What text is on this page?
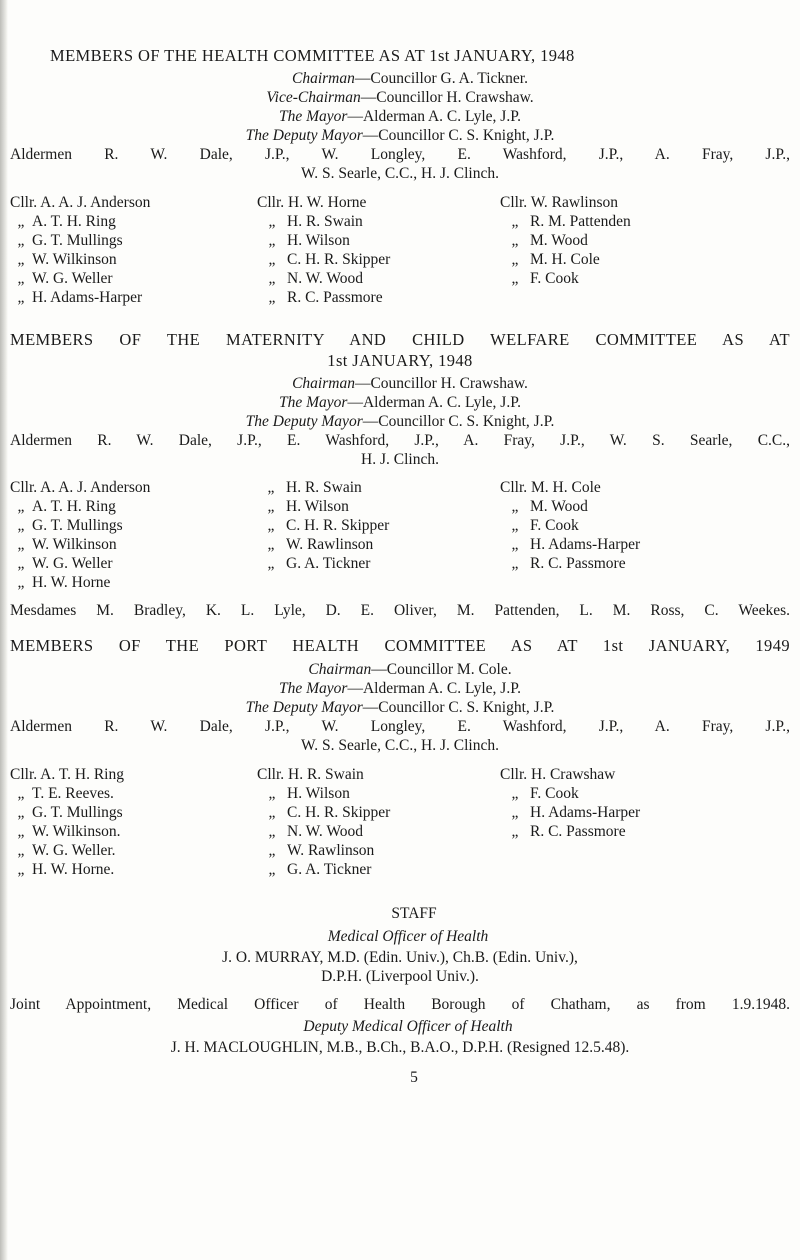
MEMBERS OF THE HEALTH COMMITTEE AS AT 1st JANUARY, 1948
Chairman—Councillor G. A. Tickner.
Vice-Chairman—Councillor H. Crawshaw.
The Mayor—Alderman A. C. Lyle, J.P.
The Deputy Mayor—Councillor C. S. Knight, J.P.
Aldermen R. W. Dale, J.P., W. Longley, E. Washford, J.P., A. Fray, J.P.,
W. S. Searle, C.C., H. J. Clinch.
Cllr. A. A. J. Anderson
„ A. T. H. Ring
„ G. T. Mullings
„ W. Wilkinson
„ W. G. Weller
„ H. Adams-Harper
Cllr. H. W. Horne
„ H. R. Swain
„ H. Wilson
„ C. H. R. Skipper
„ N. W. Wood
„ R. C. Passmore
Cllr. W. Rawlinson
„ R. M. Pattenden
„ M. Wood
„ M. H. Cole
„ F. Cook
MEMBERS OF THE MATERNITY AND CHILD WELFARE COMMITTEE AS AT
1st JANUARY, 1948
Chairman—Councillor H. Crawshaw.
The Mayor—Alderman A. C. Lyle, J.P.
The Deputy Mayor—Councillor C. S. Knight, J.P.
Aldermen R. W. Dale, J.P., E. Washford, J.P., A. Fray, J.P., W. S. Searle, C.C.,
H. J. Clinch.
Cllr. A. A. J. Anderson
„ A. T. H. Ring
„ G. T. Mullings
„ W. Wilkinson
„ W. G. Weller
„ H. W. Horne
„ H. R. Swain
„ H. Wilson
„ C. H. R. Skipper
„ W. Rawlinson
„ G. A. Tickner
Cllr. M. H. Cole
„ M. Wood
„ F. Cook
„ H. Adams-Harper
„ R. C. Passmore
Mesdames M. Bradley, K. L. Lyle, D. E. Oliver, M. Pattenden, L. M. Ross, C. Weekes.
MEMBERS OF THE PORT HEALTH COMMITTEE AS AT 1st JANUARY, 1949
Chairman—Councillor M. Cole.
The Mayor—Alderman A. C. Lyle, J.P.
The Deputy Mayor—Councillor C. S. Knight, J.P.
Aldermen R. W. Dale, J.P., W. Longley, E. Washford, J.P., A. Fray, J.P.,
W. S. Searle, C.C., H. J. Clinch.
Cllr. A. T. H. Ring
„ T. E. Reeves.
„ G. T. Mullings
„ W. Wilkinson.
„ W. G. Weller.
„ H. W. Horne.
Cllr. H. R. Swain
„ H. Wilson
„ C. H. R. Skipper
„ N. W. Wood
„ W. Rawlinson
„ G. A. Tickner
Cllr. H. Crawshaw
„ F. Cook
„ H. Adams-Harper
„ R. C. Passmore
STAFF
Medical Officer of Health
J. O. MURRAY, M.D. (Edin. Univ.), Ch.B. (Edin. Univ.),
D.P.H. (Liverpool Univ.).
Joint Appointment, Medical Officer of Health Borough of Chatham, as from 1.9.1948.
Deputy Medical Officer of Health
J. H. MACLOUGHLIN, M.B., B.Ch., B.A.O., D.P.H. (Resigned 12.5.48).
5
